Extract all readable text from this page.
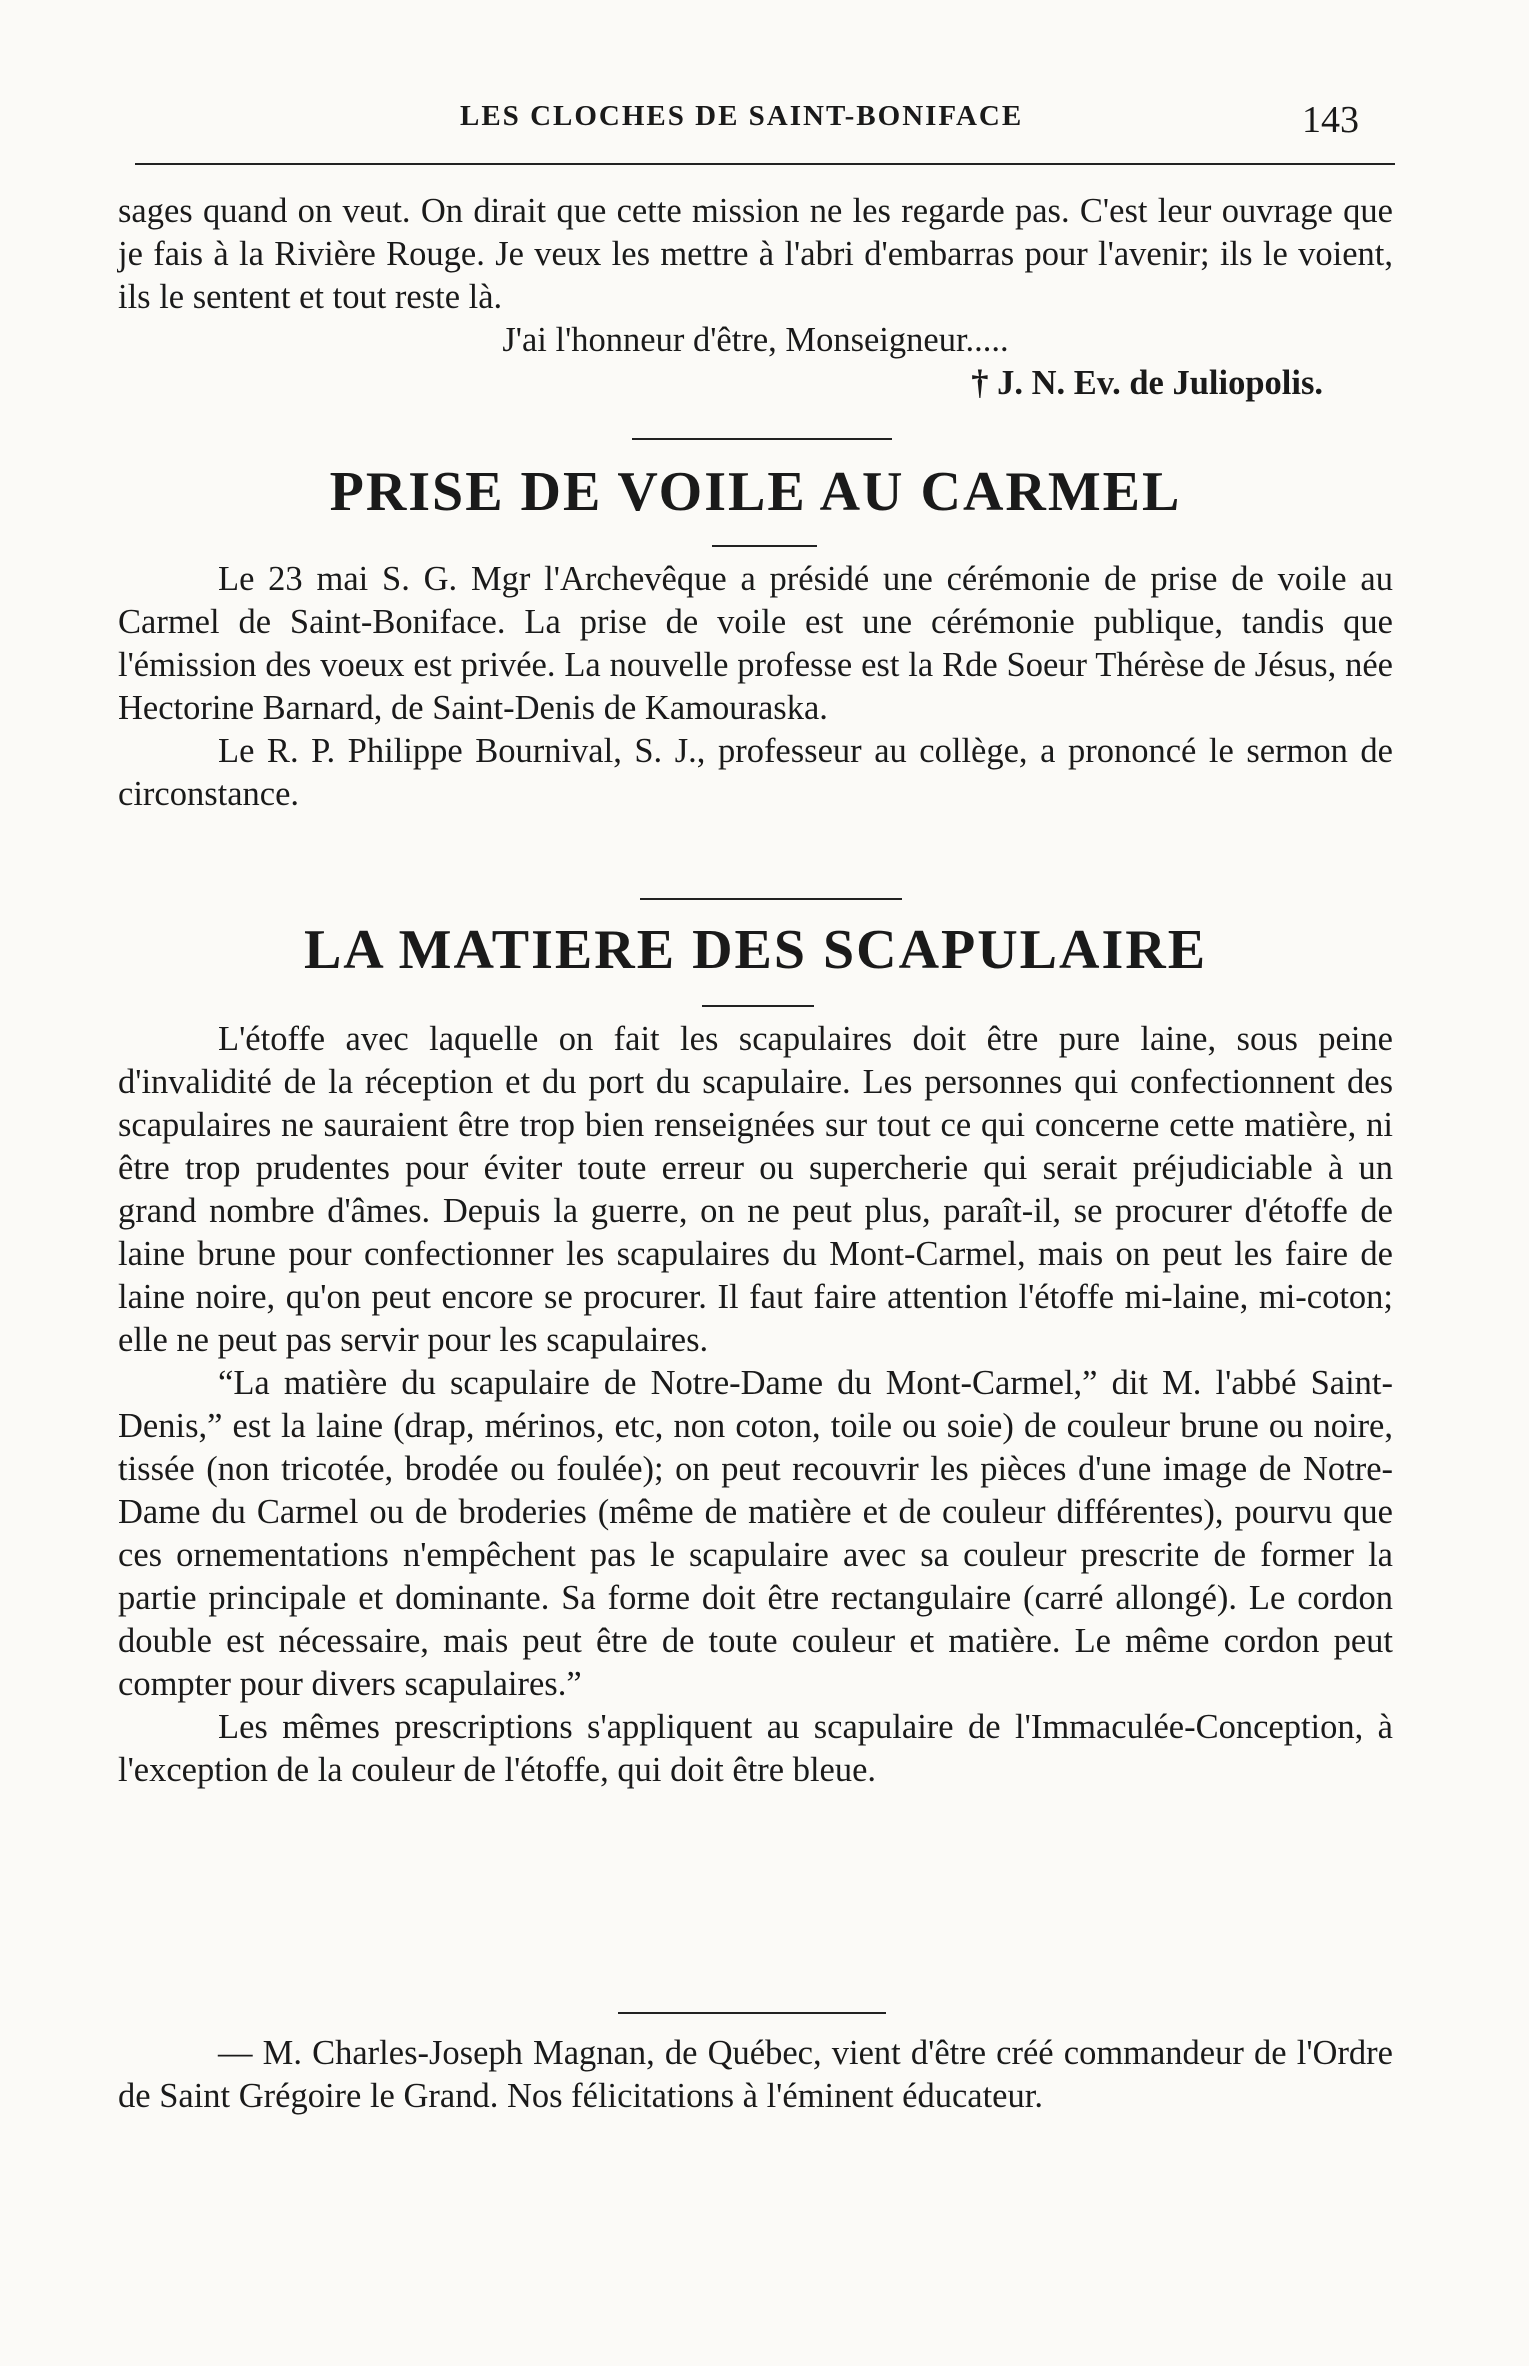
LES CLOCHES DE SAINT-BONIFACE	143

sages quand on veut. On dirait que cette mission ne les regarde pas. C'est leur ouvrage que je fais à la Rivière Rouge. Je veux les mettre à l'abri d'embarras pour l'avenir; ils le voient, ils le sentent et tout reste là.

J'ai l'honneur d'être, Monseigneur.....

† J. N. Ev. de Juliopolis.

PRISE DE VOILE AU CARMEL

Le 23 mai S. G. Mgr l'Archevêque a présidé une cérémonie de prise de voile au Carmel de Saint-Boniface. La prise de voile est une cérémonie publique, tandis que l'émission des voeux est privée. La nouvelle professe est la Rde Soeur Thérèse de Jésus, née Hectorine Barnard, de Saint-Denis de Kamouraska.

Le R. P. Philippe Bournival, S. J., professeur au collège, a prononcé le sermon de circonstance.

LA MATIERE DES SCAPULAIRE

L'étoffe avec laquelle on fait les scapulaires doit être pure laine, sous peine d'invalidité de la réception et du port du scapulaire. Les personnes qui confectionnent des scapulaires ne sauraient être trop bien renseignées sur tout ce qui concerne cette matière, ni être trop prudentes pour éviter toute erreur ou supercherie qui serait préjudiciable à un grand nombre d'âmes. Depuis la guerre, on ne peut plus, paraît-il, se procurer d'étoffe de laine brune pour confectionner les scapulaires du Mont-Carmel, mais on peut les faire de laine noire, qu'on peut encore se procurer. Il faut faire attention l'étoffe mi-laine, mi-coton; elle ne peut pas servir pour les scapulaires.

“La matière du scapulaire de Notre-Dame du Mont-Carmel,” dit M. l'abbé Saint-Denis,” est la laine (drap, mérinos, etc, non coton, toile ou soie) de couleur brune ou noire, tissée (non tricotée, brodée ou foulée); on peut recouvrir les pièces d'une image de Notre-Dame du Carmel ou de broderies (même de matière et de couleur différentes), pourvu que ces ornementations n'empêchent pas le scapulaire avec sa couleur prescrite de former la partie principale et dominante. Sa forme doit être rectangulaire (carré allongé). Le cordon double est nécessaire, mais peut être de toute couleur et matière. Le même cordon peut compter pour divers scapulaires.”

Les mêmes prescriptions s'appliquent au scapulaire de l'Immaculée-Conception, à l'exception de la couleur de l'étoffe, qui doit être bleue.

— M. Charles-Joseph Magnan, de Québec, vient d'être créé commandeur de l'Ordre de Saint Grégoire le Grand. Nos félicitations à l'éminent éducateur.
